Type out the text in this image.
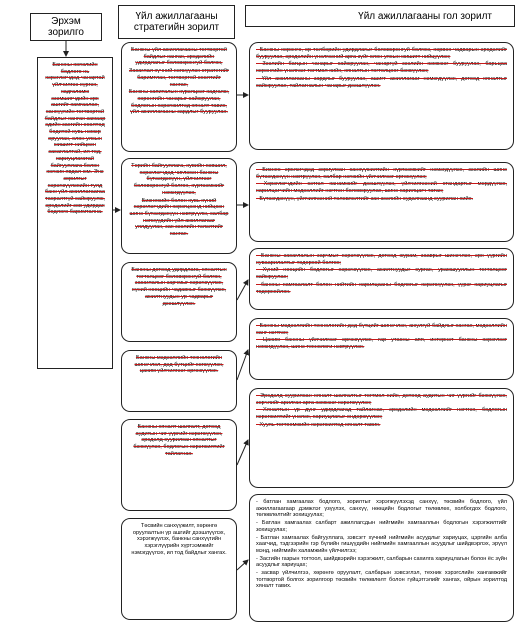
Эрхэм
зорилго
Үйл ажиллагааны
стратегийн зорилт
Үйл ажиллагааны гол зорилт

Банкны хөгжлийн бодлого нь хэрэглэгчдэд чанартай үйлчилгээ хүргэх, хадгаламж эзэмшигчдийн эрх ашгийг хамгаалах, санхүүгийн тогтвортой байдлыг хангах замаар эдийн засгийн өсөлтөд бодитой хувь нэмэр оруулах, олон улсын жишигт нийцсэн засаглалтай, ил тод, хариуцлагатай байгууллага болон хөгжих явдал юм. Энэ зорилгыг хэрэгжүүлэхийн тулд банк үйл ажиллагаагаа тасралтгүй сайжруулж, эрсдэлийг зөв удирдах бодлого баримтална.

Банкны үйл ажиллагааны тогтвортой байдлыг хангах, эрсдэлийн удирдлагыг боловсронгуй болгох,

Засаглал хүчний хөгжүүлэх стратегийг баримтлах, тогтвортой өсөлтийг хангах,

Банкны капиталын хүрэлцээг хадгалж, хөрөнгийн чанарыг сайжруулах, бодлогын хэрэгжилтэд хяналт тавих, үйл ажиллагааны зардлыг бууруулах.

Төрийн байгууллага, хувийн хэвшил, хэрэглэгчдэд чиглэсэн банкны бүтээгдэхүүн, үйлчилгээг боловсронгуй болгох, хүртээмжийг нэмэгдүүлэх,

Бизнесийн болон хувь хүний хэрэглэгчдийн хэрэгцээнд нийцсэн шинэ бүтээгдэхүүн нэвтрүүлж, салбар нэгжүүдийн үйл ажиллагааг уялдуулах, зах зээлийн тэлэлтийг хангах.

Банкны дотоод удирдлага, хяналтын тогтолцоог боловсронгуй болгох, засаглалын зарчмыг хэрэгжүүлэх, хүний нөөцийн чадавхыг бэхжүүлэх, ажилтнуудын ур чадварыг дээшлүүлэх.

Банкны мэдээллийн технологийн шинэчлэл, дэд бүтцийг хөгжүүлэх, цахим үйлчилгээг өргөжүүлэх.

Банкны хяналт шалгалт, дотоод аудитын чиг үүргийг хэрэгжүүлэх, эрсдэлд суурилсан хяналтыг бэхжүүлэх, бодлогын хэрэгжилтийг тайлагнах.

Төсвийн санхүүжилт, хөрөнгө оруулалтын үр ашгийг дээшлүүлэх, хэрэгжүүлэх, банкны санхүүгийн хэрэглүүрийн хүртээмжийг нэмэгдүүлэх, ил тод байдлыг хангах.

- Банкны хөрөнгө, өр төлбөрийн удирдлагыг боловсронгуй болгож, хөрвөх чадварын эрсдэлийг бууруулах, эрсдэлийн үнэлгээний арга зүйг олон улсын жишигт нийцүүлэх;

- Зээлийн багцын чанарыг сайжруулах, чанаргүй зээлийн хэмжээг бууруулах, барьцаа хөрөнгийн үнэлгээг тогтмол хийх, хяналтын тогтолцоог бэхжүүлэх;

- Үйл ажиллагааны зардлыг бууруулах, ашигт ажиллагааг нэмэгдүүлэх, дотоод хяналтыг сайжруулах, тайлагналын чанарыг дээшлүүлэх.

- Бизнес эрхлэгчдэд зориулсан санхүүжилтийн хүртээмжийг нэмэгдүүлэх, зээлийн шинэ бүтээгдэхүүн нэвтрүүлэх, салбар нэгжийн үйлчилгээг өргөжүүлэх;

- Хэрэглэгчдийн сэтгэл ханамжийг дээшлүүлэх, үйлчилгээний стандартыг мөрдүүлэх, харилцагчийн мэдээллийг нэгтгэн боловсруулах, шинэ харилцагч татах;

- Бүтээгдэхүүн, үйлчилгээний төлөвлөлтийг зах зээлийн судалгаанд суурилан хийх.

- Банкны засаглалын зарчмыг хэрэгжүүлэх, дотоод журам, зааврыг шинэчлэх, эрх үүргийн хуваарилалтыг тодорхой болгох;

- Хүний нөөцийн бодлогыг хэрэгжүүлэх, ажилтнуудыг сургах, урамшууллын тогтолцоог сайжруулах;

- банкны хамгаалалт болон нийтийн харилцааны бодлогыг хэрэгжүүлэх, үүрэг хариуцлагыг тодорхойлох.

- Банкны мэдээллийн технологийн дэд бүтцийг шинэчлэх, аюулгүй байдлыг хангах, мэдээллийн санг нэгтгэх;

- Цахим банкны үйлчилгээг өргөжүүлэх, гар утасны апп, интернэт банкны хэрэглээг нэмэгдүүлэх, шинэ технологи нэвтрүүлэх.

- Эрсдэлд суурилсан хяналт шалгалтыг тогтмол хийх, дотоод аудитын чиг үүргийг бэхжүүлэх, зөрчлийг арилгах арга хэмжээг хэрэгжүүлэх;

- Хяналтын үр дүнг удирдлагад тайлагнах, эрсдэлийн мэдээллийг нэгтгэх, бодлогын хэрэгжилтийг үнэлэх, хариуцлагыг өндөржүүлэх;

- Хууль тогтоомжийн хэрэгжилтэд хяналт тавих.

- батлан хамгаалах бодлого, зорилтыг хэрэгжүүлэхэд санхүү, төсвийн бодлого, үйл ажиллагаагаар дэмжлэг үзүүлэх, санхүү, нөөцийн бодлогыг төлөвлөх, холбогдох бодлого, төлөвлөлтийг зохицуулах;

- Батлан хамгаалах салбарт ажиллагсдын нийгмийн хамгааллын бодлогын хэрэгжилтийг зохицуулах;

- Батлан хамгаалах байгууллага, зэвсэгт хүчний нийгмийн асуудлыг хариуцах, цэргийн алба хаагчид, тэдгээрийн гэр бүлийн гишүүдийн нийгмийн хамгааллын асуудлыг шийдвэрлэх, эрүүл мэнд, нийгмийн халамжийн үйлчилгээ;

- Засгийн газрын тогтоол, шийдвэрийн хэрэгжилт, салбарын сахилга хариуцлагын болон ёс зүйн асуудлыг хариуцах;

- засвар үйлчилгээ, хөрөнгө оруулалт, салбарын зэвсэглэл, техник хэрэгслийн хангамжийг тогтвортой болгох зорилгоор төсвийн төлөвлөлт болон гүйцэтгэлийг хангах, ойрын зорилтод хяналт тавих.
